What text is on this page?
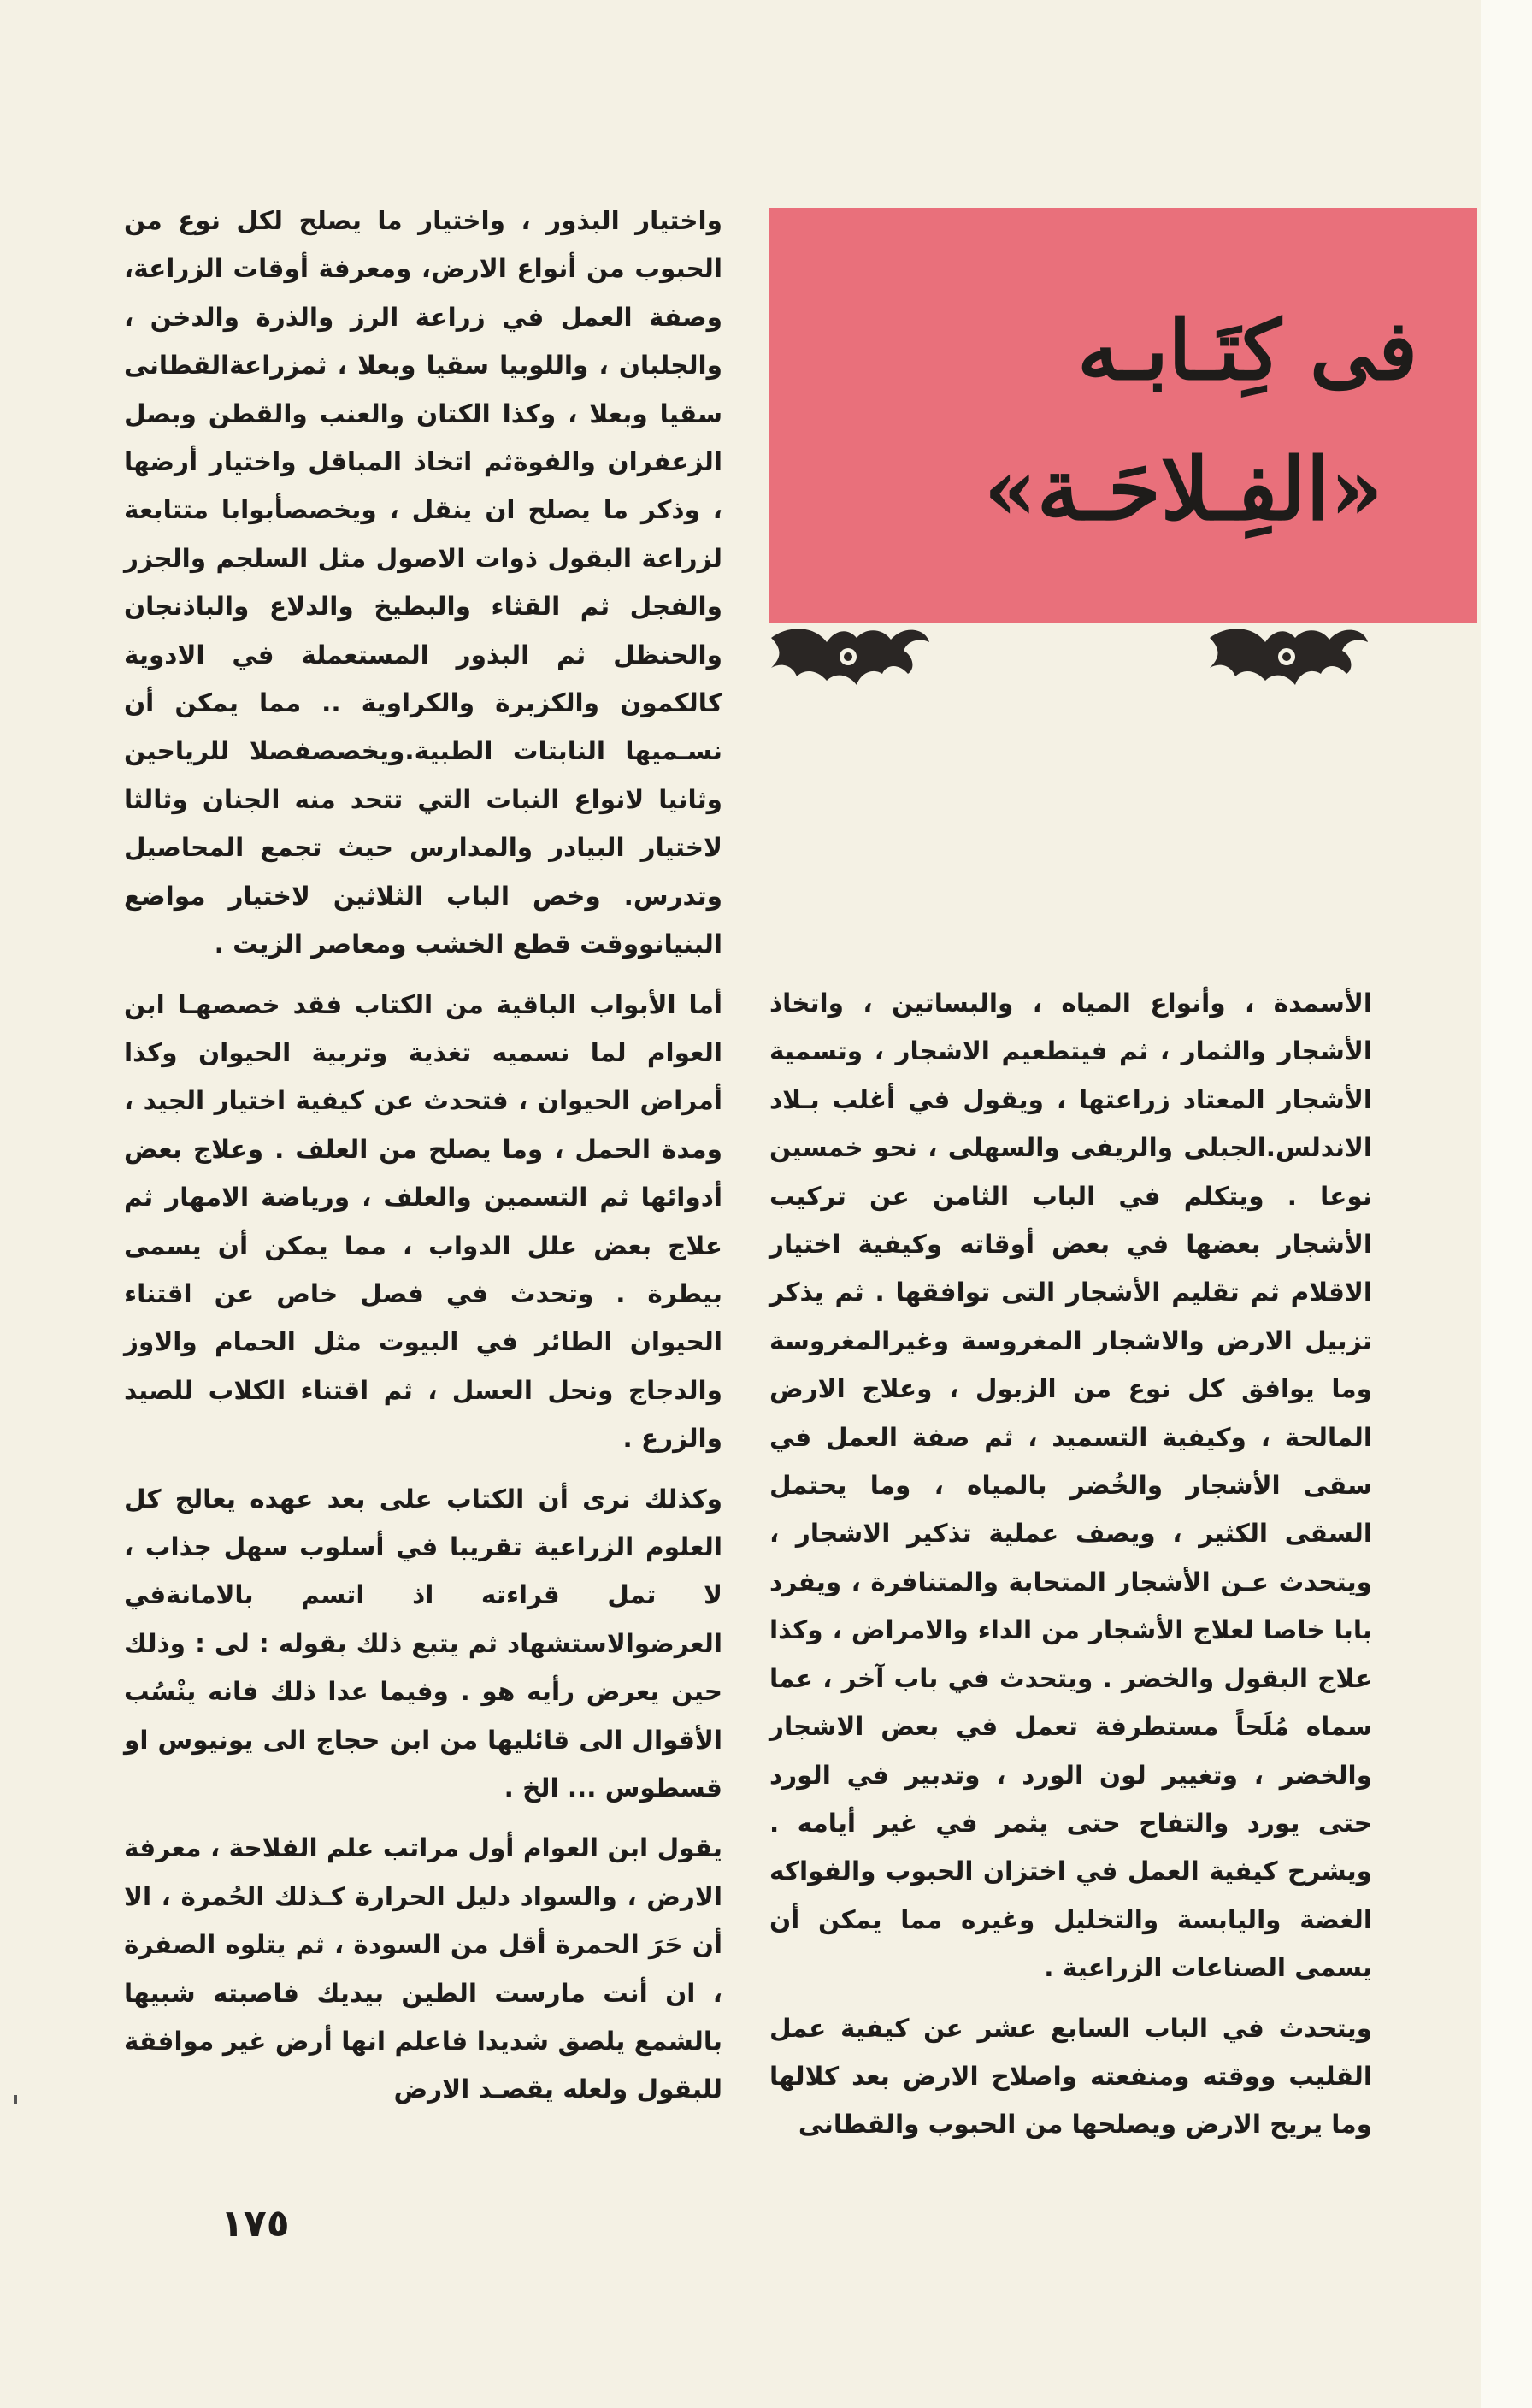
فى كِتَـابـه
«الفِـلاحَـة»

واختيار البذور ، واختيار ما يصلح لكل نوع من الحبوب من أنواع الارض، ومعرفة أوقات الزراعة، وصفة العمل في زراعة الرز والذرة والدخن ، والجلبان ، واللوبيا سقيا وبعلا ، ثمزراعةالقطانى سقيا وبعلا ، وكذا الكتان والعنب والقطن وبصل الزعفران والفوةثم اتخاذ المباقل واختيار أرضها ، وذكر ما يصلح ان ينقل ، ويخصصأبوابا متتابعة لزراعة البقول ذوات الاصول مثل السلجم والجزر والفجل ثم القثاء والبطيخ والدلاع والباذنجان والحنظل ثم البذور المستعملة في الادوية كالكمون والكزبرة والكراوية .. مما يمكن أن نسـميها النابتات الطبية.ويخصصفصلا للرياحين وثانيا لانواع النبات التي تتحد منه الجنان وثالثا لاختيار البيادر والمدارس حيث تجمع المحاصيل وتدرس. وخص الباب الثلاثين لاختيار مواضع البنيانووقت قطع الخشب ومعاصر الزيت .

أما الأبواب الباقية من الكتاب فقد خصصهـا ابن العوام لما نسميه تغذية وتربية الحيوان وكذا أمراض الحيوان ، فتحدث عن كيفية اختيار الجيد ، ومدة الحمل ، وما يصلح من العلف . وعلاج بعض أدوائها ثم التسمين والعلف ، ورياضة الامهار ثم علاج بعض علل الدواب ، مما يمكن أن يسمى بيطرة . وتحدث في فصل خاص عن اقتناء الحيوان الطائر في البيوت مثل الحمام والاوز والدجاج ونحل العسل ، ثم اقتناء الكلاب للصيد والزرع .

وكذلك نرى أن الكتاب على بعد عهده يعالج كل العلوم الزراعية تقريبا في أسلوب سهل جذاب ، لا تمل قراءته اذ اتسم بالامانةفي العرضوالاستشهاد ثم يتبع ذلك بقوله : لى : وذلك حين يعرض رأيه هو . وفيما عدا ذلك فانه ينْسُب الأقوال الى قائليها من ابن حجاج الى يونيوس او قسطوس ... الخ .

يقول ابن العوام أول مراتب علم الفلاحة ، معرفة الارض ، والسواد دليل الحرارة كـذلك الحُمرة ، الا أن حَرَ الحمرة أقل من السودة ، ثم يتلوه الصفرة ، ان أنت مارست الطين بيديك فاصبته شبيها بالشمع يلصق شديدا فاعلم انها أرض غير موافقة للبقول ولعله يقصـد الارض

الأسمدة ، وأنواع المياه ، والبساتين ، واتخاذ الأشجار والثمار ، ثم فيتطعيم الاشجار ، وتسمية الأشجار المعتاد زراعتها ، ويقول في أغلب بـلاد الاندلس.الجبلى والريفى والسهلى ، نحو خمسين نوعا . ويتكلم في الباب الثامن عن تركيب الأشجار بعضها في بعض أوقاته وكيفية اختيار الاقلام ثم تقليم الأشجار التى توافقها . ثم يذكر تزبيل الارض والاشجار المغروسة وغيرالمغروسة وما يوافق كل نوع من الزبول ، وعلاج الارض المالحة ، وكيفية التسميد ، ثم صفة العمل في سقى الأشجار والخُضر بالمياه ، وما يحتمل السقى الكثير ، ويصف عملية تذكير الاشجار ، ويتحدث عـن الأشجار المتحابة والمتنافرة ، ويفرد بابا خاصا لعلاج الأشجار من الداء والامراض ، وكذا علاج البقول والخضر . ويتحدث في باب آخر ، عما سماه مُلَحاً مستطرفة تعمل في بعض الاشجار والخضر ، وتغيير لون الورد ، وتدبير في الورد حتى يورد والتفاح حتى يثمر في غير أيامه . ويشرح كيفية العمل في اختزان الحبوب والفواكه الغضة واليابسة والتخليل وغيره مما يمكن أن يسمى الصناعات الزراعية .

ويتحدث في الباب السابع عشر عن كيفية عمل القليب ووقته ومنفعته واصلاح الارض بعد كلالها وما يريح الارض ويصلحها من الحبوب والقطانى

١٧٥
